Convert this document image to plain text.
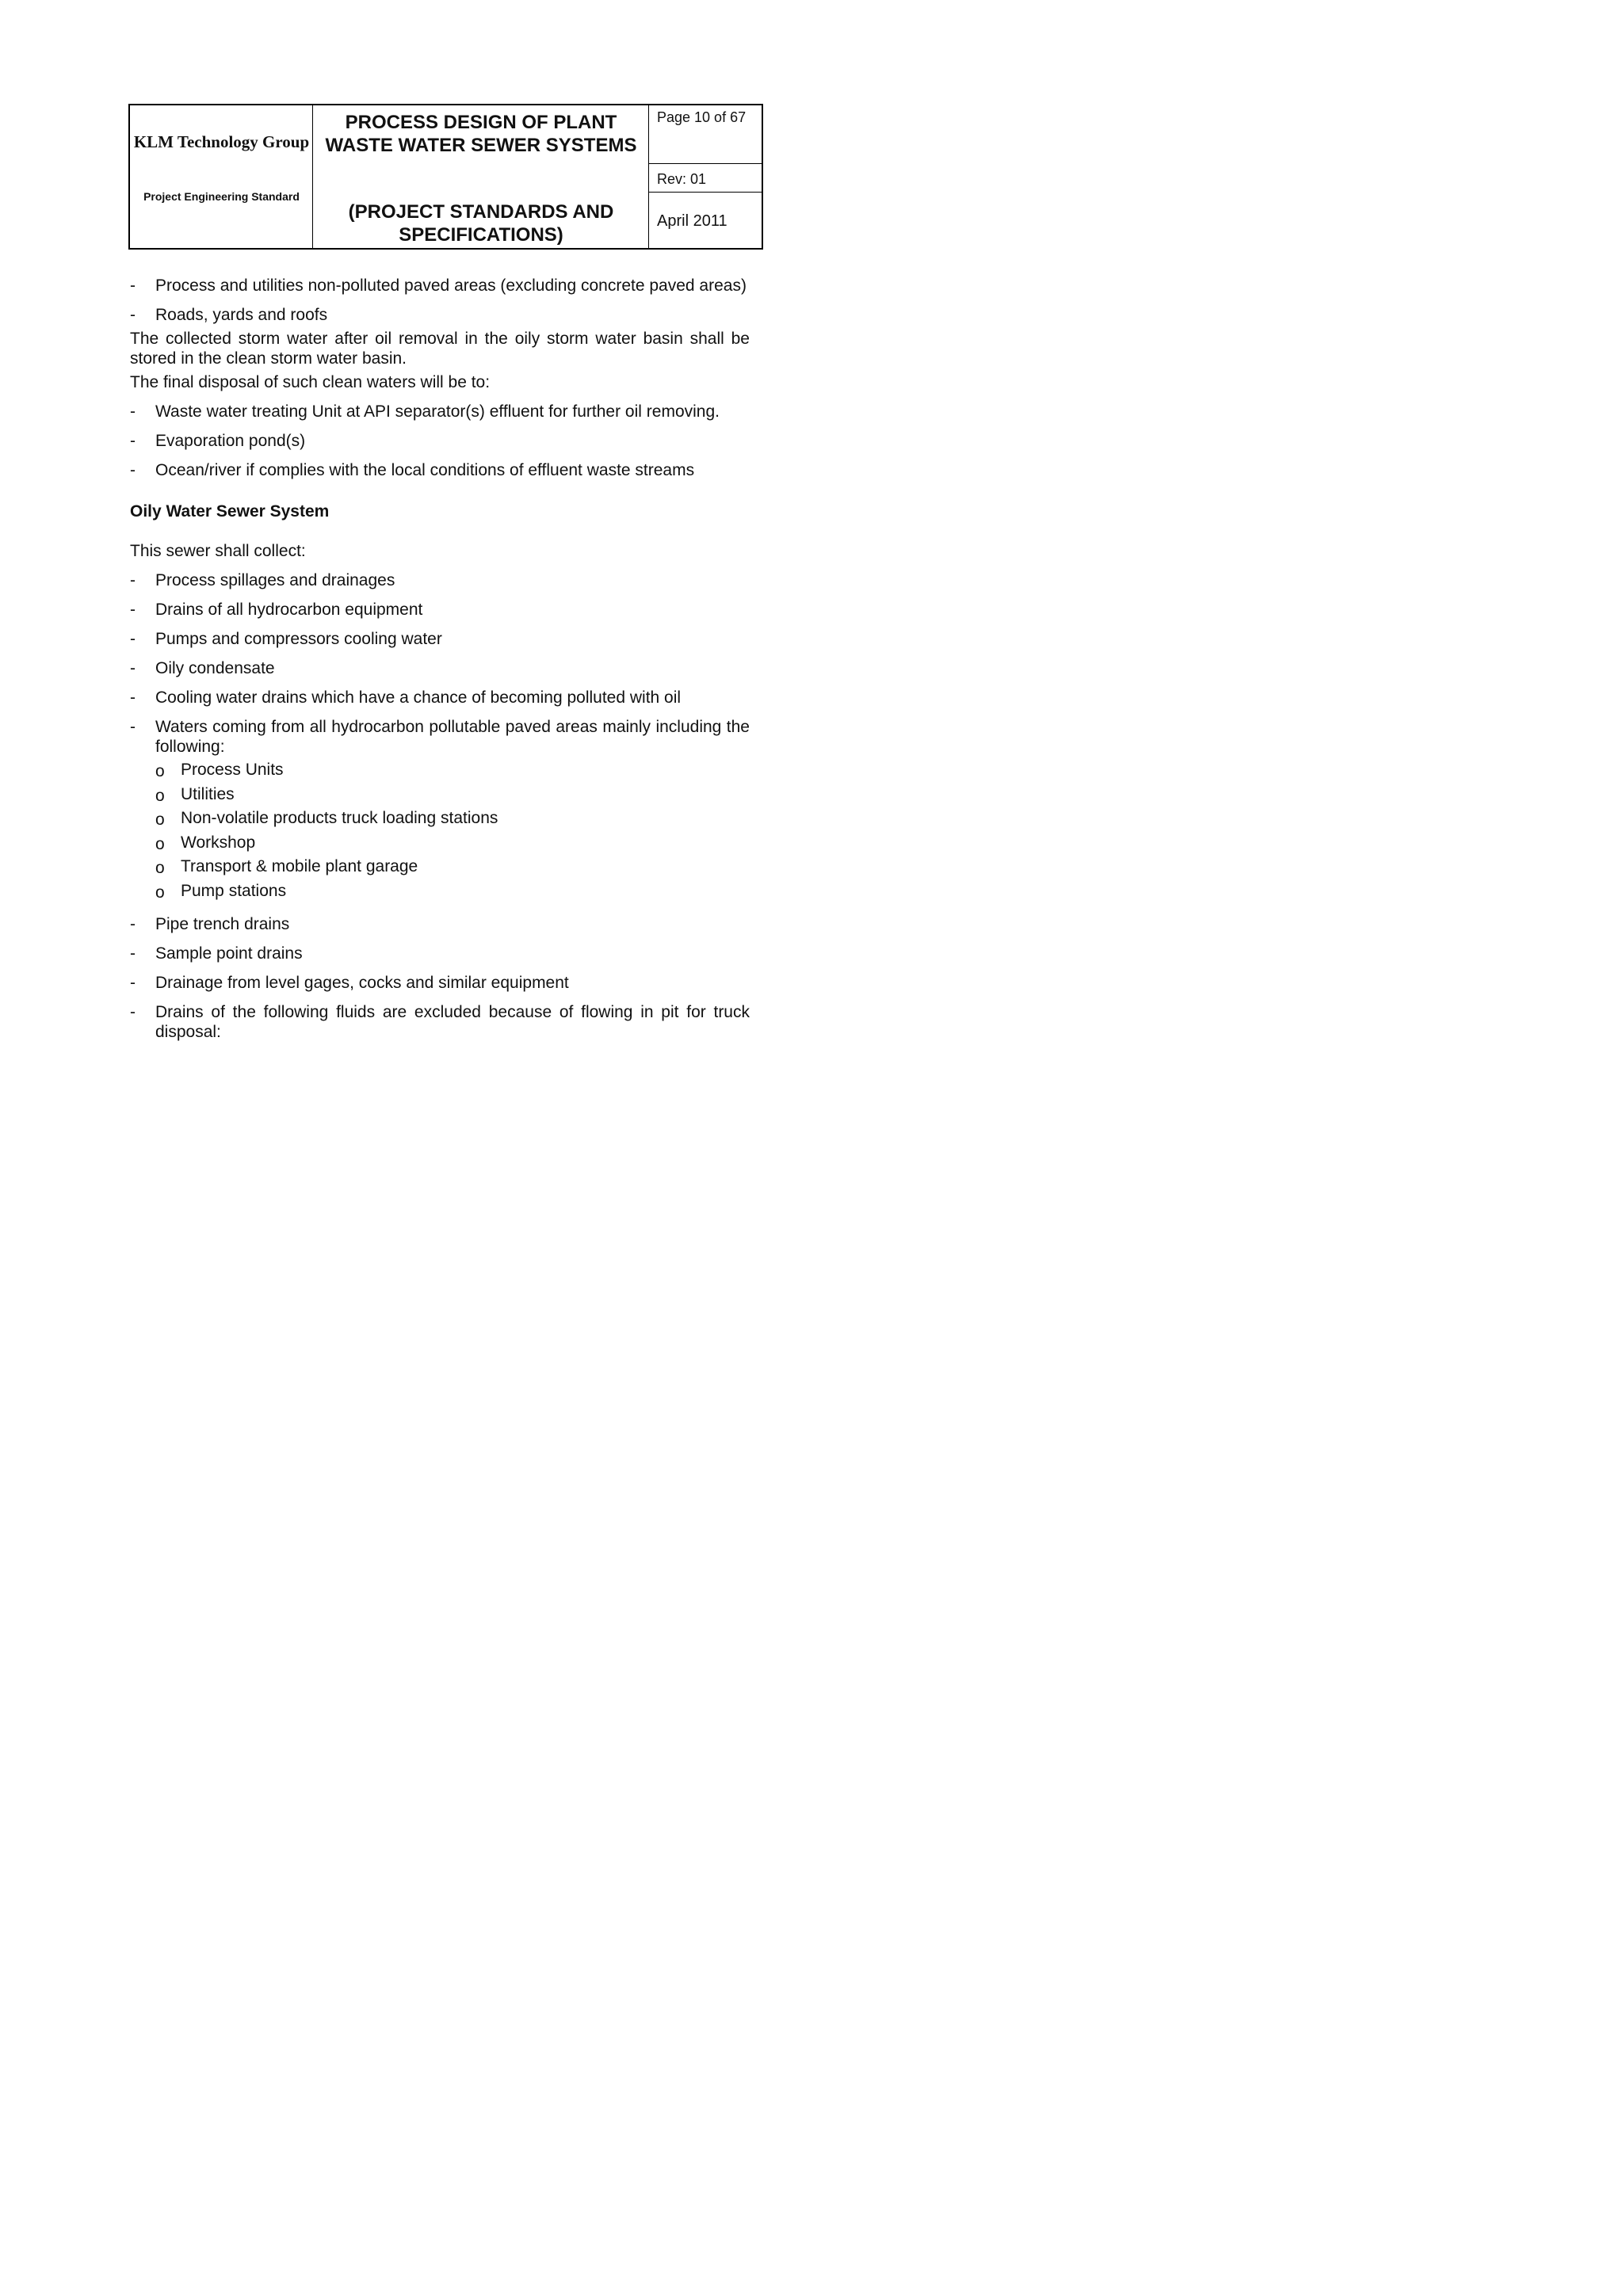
KLM Technology Group
Project Engineering Standard
PROCESS DESIGN OF PLANT WASTE WATER SEWER SYSTEMS
(PROJECT STANDARDS AND SPECIFICATIONS)
Page 10 of 67
Rev: 01
April 2011
- Process and utilities non-polluted paved areas (excluding concrete paved areas)
- Roads, yards and roofs
The collected storm water after oil removal in the oily storm water basin shall be stored in the clean storm water basin.
The final disposal of such clean waters will be to:
- Waste water treating Unit at API separator(s) effluent for further oil removing.
- Evaporation pond(s)
- Ocean/river if complies with the local conditions of effluent waste streams
Oily Water Sewer System
This sewer shall collect:
- Process spillages and drainages
- Drains of all hydrocarbon equipment
- Pumps and compressors cooling water
- Oily condensate
- Cooling water drains which have a chance of becoming polluted with oil
- Waters coming from all hydrocarbon pollutable paved areas mainly including the following:
o Process Units
o Utilities
o Non-volatile products truck loading stations
o Workshop
o Transport & mobile plant garage
o Pump stations
- Pipe trench drains
- Sample point drains
- Drainage from level gages, cocks and similar equipment
- Drains of the following fluids are excluded because of flowing in pit for truck disposal:
